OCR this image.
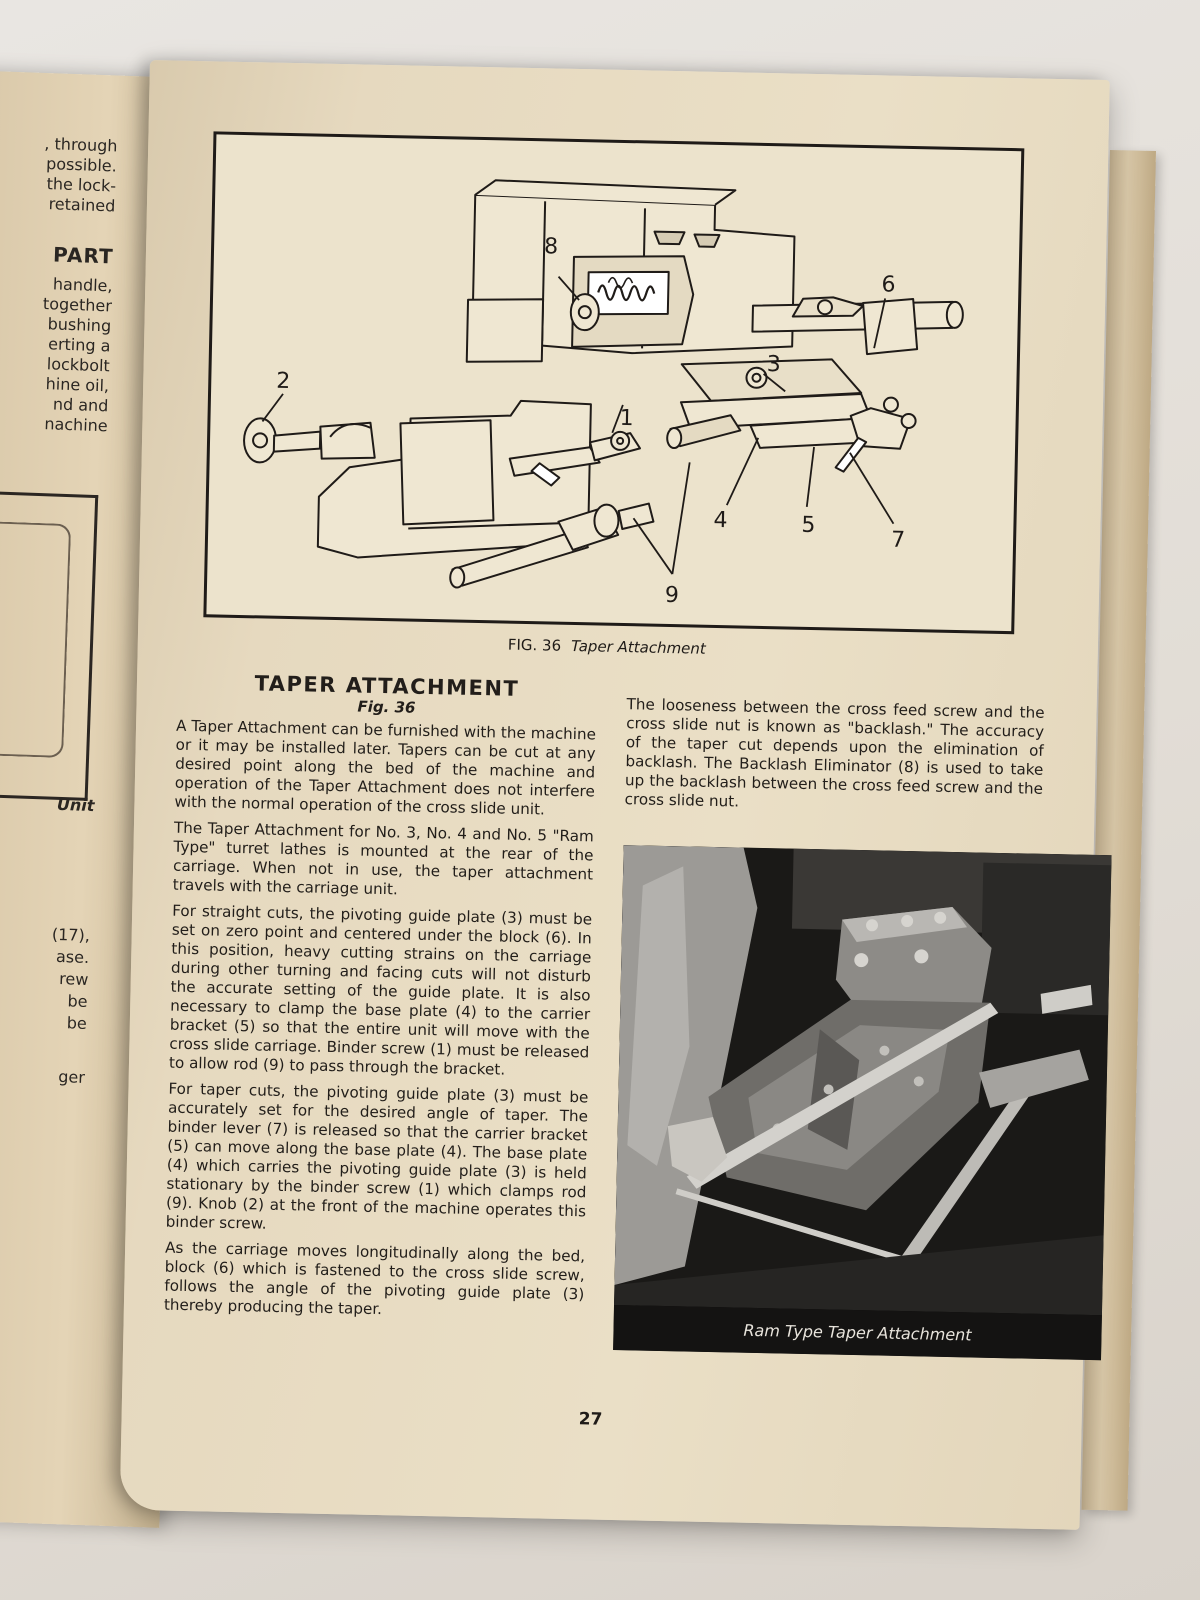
, through
possible.
the lock-
retained
PART
handle,
together
bushing
erting a
lockbolt
hine oil,
nd and
nachine
Unit
(17),
ase.
rew
be
be
ger
8
2
3
6
1
4	5
7
9
FIG. 36 Taper Attachment
TAPER ATTACHMENT
Fig. 36

A Taper Attachment can be furnished with the machine or it may be installed later. Tapers can be cut at any desired point along the bed of the machine and operation of the Taper Attachment does not interfere with the normal operation of the cross slide unit.

The Taper Attachment for No. 3, No. 4 and No. 5 "Ram Type" turret lathes is mounted at the rear of the carriage. When not in use, the taper attachment travels with the carriage unit.

For straight cuts, the pivoting guide plate (3) must be set on zero point and centered under the block (6). In this position, heavy cutting strains on the carriage during other turning and facing cuts will not disturb the accurate setting of the guide plate. It is also necessary to clamp the base plate (4) to the carrier bracket (5) so that the entire unit will move with the cross slide carriage. Binder screw (1) must be released to allow rod (9) to pass through the bracket.

For taper cuts, the pivoting guide plate (3) must be accurately set for the desired angle of taper. The binder lever (7) is released so that the carrier bracket (5) can move along the base plate (4). The base plate (4) which carries the pivoting guide plate (3) is held stationary by the binder screw (1) which clamps rod (9). Knob (2) at the front of the machine operates this binder screw.

As the carriage moves longitudinally along the bed, block (6) which is fastened to the cross slide screw, follows the angle of the pivoting guide plate (3) thereby producing the taper.

The looseness between the cross feed screw and the cross slide nut is known as "backlash." The accuracy of the taper cut depends upon the elimination of backlash. The Backlash Eliminator (8) is used to take up the backlash between the cross feed screw and the cross slide nut.

Ram Type Taper Attachment
27
